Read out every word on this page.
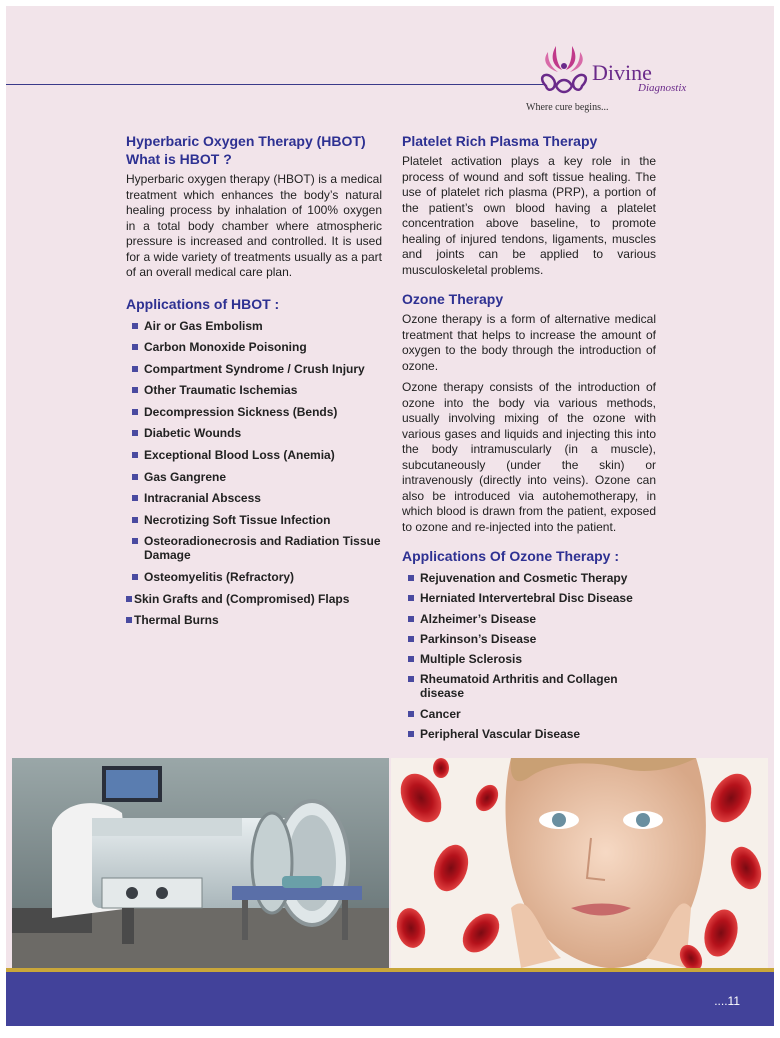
Divine
Diagnostix
Where cure begins...
Hyperbaric Oxygen Therapy (HBOT)
What is HBOT ?

Hyperbaric oxygen therapy (HBOT) is a medical treatment which enhances the body’s natural healing process by inhalation of 100% oxygen in a total body chamber where atmospheric pressure is increased and controlled. It is used for a wide variety of treatments usually as a part of an overall medical care plan.

Applications of HBOT :
Air or Gas Embolism
Carbon Monoxide Poisoning
Compartment Syndrome / Crush Injury
Other Traumatic Ischemias
Decompression Sickness (Bends)
Diabetic Wounds
Exceptional Blood Loss (Anemia)
Gas Gangrene
Intracranial Abscess
Necrotizing Soft Tissue Infection
Osteoradionecrosis and Radiation Tissue Damage
Osteomyelitis (Refractory)
Skin Grafts and (Compromised) Flaps
Thermal Burns
Platelet Rich Plasma Therapy

Platelet activation plays a key role in the process of wound and soft tissue healing. The use of platelet rich plasma (PRP), a portion of the patient’s own blood having a platelet concentration above baseline, to promote healing of injured tendons, ligaments, muscles and joints can be applied to various musculoskeletal problems.

Ozone Therapy

Ozone therapy is a form of alternative medical treatment that helps to increase the amount of oxygen to the body through the introduction of ozone.

Ozone therapy consists of the introduction of ozone into the body via various methods, usually involving mixing of the ozone with various gases and liquids and injecting this into the body intramuscularly (in a muscle), subcutaneously (under the skin) or intravenously (directly into veins). Ozone can also be introduced via autohemotherapy, in which blood is drawn from the patient, exposed to ozone and re-injected into the patient.

Applications Of Ozone Therapy :
Rejuvenation and Cosmetic Therapy
Herniated Intervertebral Disc Disease
Alzheimer’s Disease
Parkinson’s Disease
Multiple Sclerosis
Rheumatoid Arthritis and Collagen disease
Cancer
Peripheral Vascular Disease
....11
